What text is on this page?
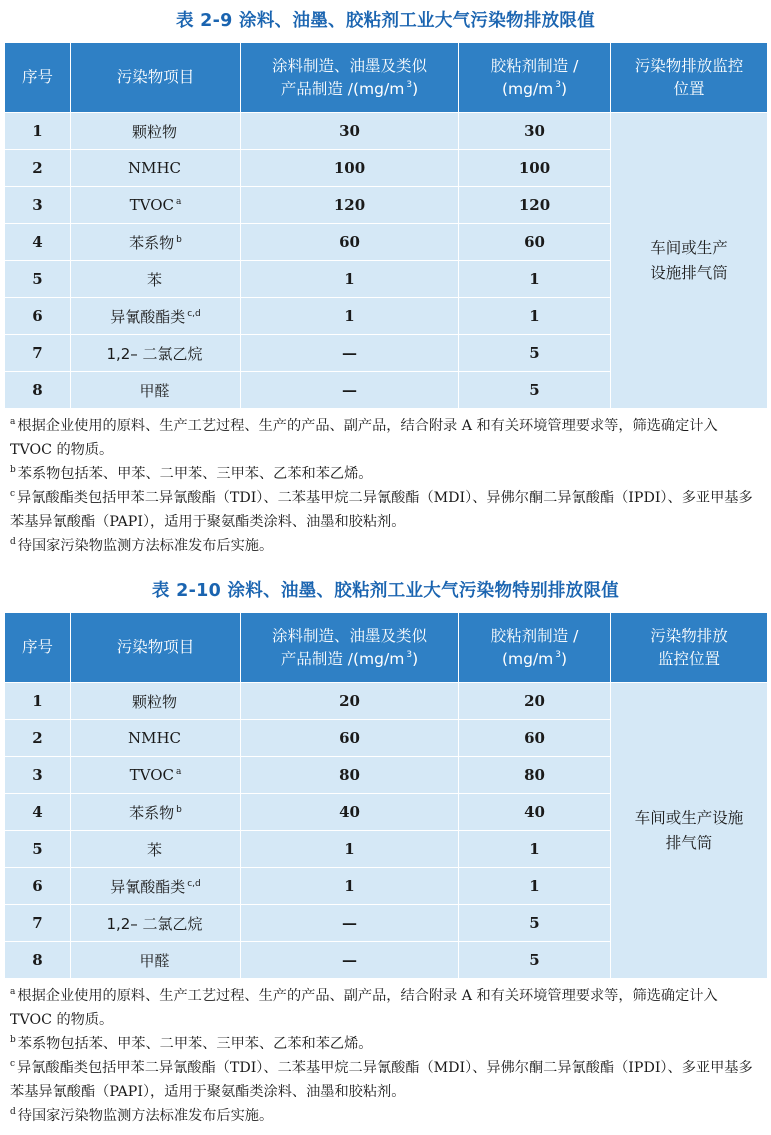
表 2-9 涂料、油墨、胶粘剂工业大气污染物排放限值
序号	污染物项目	涂料制造、油墨及类似
产品制造 /(mg/m $^3$)	胶粘剂制造 /
(mg/m $^3$)	污染物排放监控
位置
1	颗粒物	30	30	车间或生产
设施排气筒
2	NMHC	100	100	
3	TVOC $^a$	120	120	
4	苯系物 $^b$	60	60	
5	苯	1	1	
6	异氰酸酯类 $^{c,d}$	1	1	
7	1,2– 二氯乙烷	—	5	
8	甲醛	—	5	

$^a$ 根据企业使用的原料、生产工艺过程、生产的产品、副产品，结合附录 A 和有关环境管理要求等，筛选确定计入 TVOC 的物质。

$^b$ 苯系物包括苯、甲苯、二甲苯、三甲苯、乙苯和苯乙烯。

$^c$ 异氰酸酯类包括甲苯二异氰酸酯（TDI）、二苯基甲烷二异氰酸酯（MDI）、异佛尔酮二异氰酸酯（IPDI）、多亚甲基多苯基异氰酸酯（PAPI），适用于聚氨酯类涂料、油墨和胶粘剂。

$^d$ 待国家污染物监测方法标准发布后实施。

表 2-10 涂料、油墨、胶粘剂工业大气污染物特别排放限值
序号	污染物项目	涂料制造、油墨及类似
产品制造 /(mg/m $^3$)	胶粘剂制造 /
(mg/m $^3$)	污染物排放
监控位置
1	颗粒物	20	20	车间或生产设施
排气筒
2	NMHC	60	60	
3	TVOC $^a$	80	80	
4	苯系物 $^b$	40	40	
5	苯	1	1	
6	异氰酸酯类 $^{c,d}$	1	1	
7	1,2– 二氯乙烷	—	5	
8	甲醛	—	5	

$^a$ 根据企业使用的原料、生产工艺过程、生产的产品、副产品，结合附录 A 和有关环境管理要求等，筛选确定计入 TVOC 的物质。

$^b$ 苯系物包括苯、甲苯、二甲苯、三甲苯、乙苯和苯乙烯。

$^c$ 异氰酸酯类包括甲苯二异氰酸酯（TDI）、二苯基甲烷二异氰酸酯（MDI）、异佛尔酮二异氰酸酯（IPDI）、多亚甲基多苯基异氰酸酯（PAPI），适用于聚氨酯类涂料、油墨和胶粘剂。

$^d$ 待国家污染物监测方法标准发布后实施。
